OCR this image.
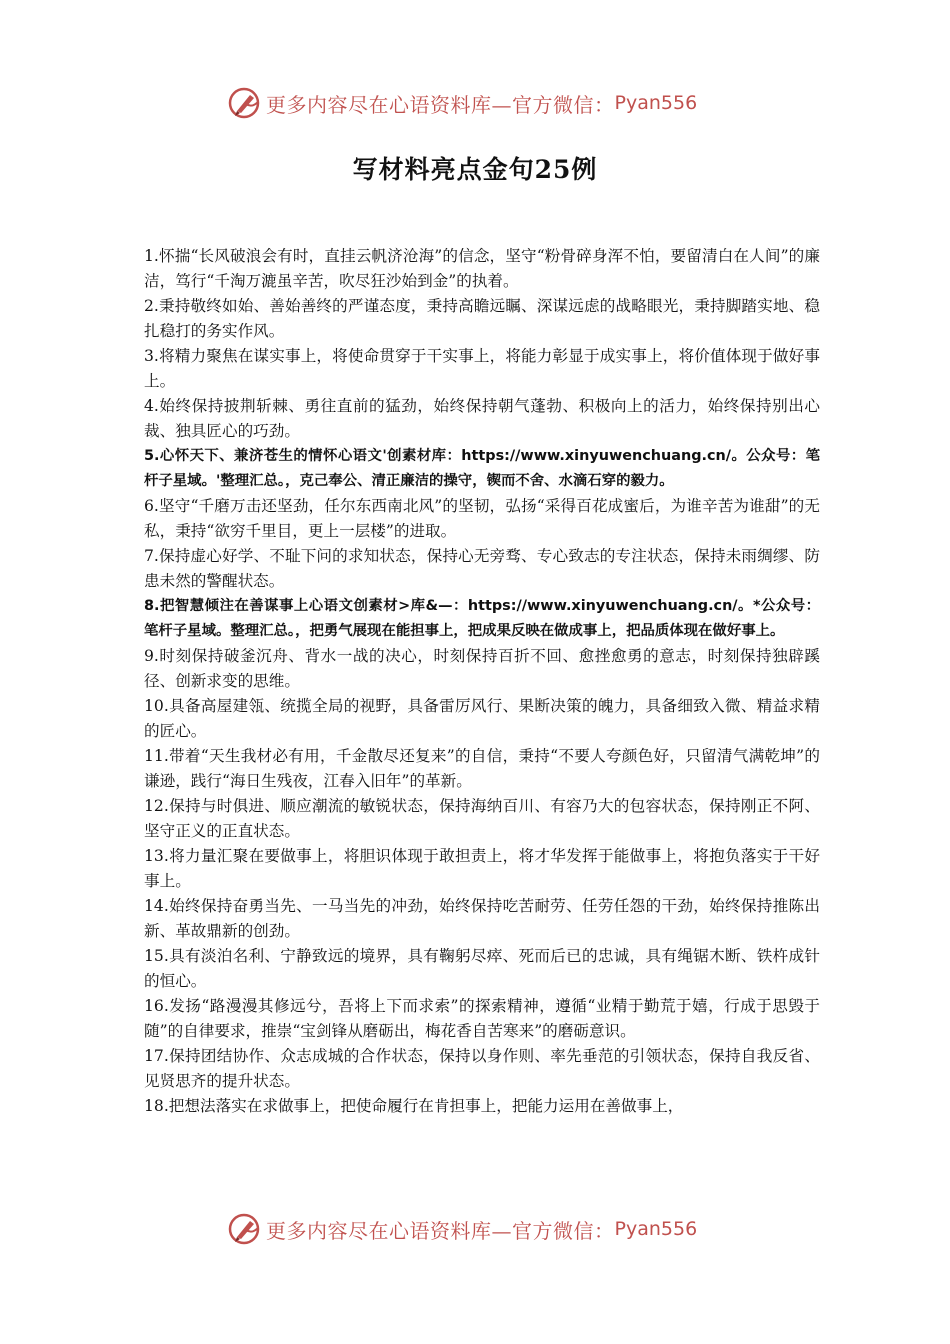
更多内容尽在心语资料库—官方微信： Pyan556
写材料亮点金句25例

1.怀揣“长风破浪会有时，直挂云帆济沧海”的信念，坚守“粉骨碎身浑不怕，要留清白在人间”的廉洁，笃行“千淘万漉虽辛苦，吹尽狂沙始到金”的执着。

2.秉持敬终如始、善始善终的严谨态度，秉持高瞻远瞩、深谋远虑的战略眼光，秉持脚踏实地、稳扎稳打的务实作风。

3.将精力聚焦在谋实事上，将使命贯穿于干实事上，将能力彰显于成实事上，将价值体现于做好事上。

4.始终保持披荆斩棘、勇往直前的猛劲，始终保持朝气蓬勃、积极向上的活力，始终保持别出心裁、独具匠心的巧劲。

5.心怀天下、兼济苍生的情怀心语文'创素材库：https://www.xinyuwenchuang.cn/。公众号：笔杆子星域。'整理汇总。，克己奉公、清正廉洁的操守，锲而不舍、水滴石穿的毅力。

6.坚守“千磨万击还坚劲，任尔东西南北风”的坚韧，弘扬“采得百花成蜜后，为谁辛苦为谁甜”的无私，秉持“欲穷千里目，更上一层楼”的进取。

7.保持虚心好学、不耻下问的求知状态，保持心无旁骛、专心致志的专注状态，保持未雨绸缪、防患未然的警醒状态。

8.把智慧倾注在善谋事上心语文创素材>库&—：https://www.xinyuwenchuang.cn/。*公众号：笔杆子星域。整理汇总。，把勇气展现在能担事上，把成果反映在做成事上，把品质体现在做好事上。

9.时刻保持破釜沉舟、背水一战的决心，时刻保持百折不回、愈挫愈勇的意志，时刻保持独辟蹊径、创新求变的思维。

10.具备高屋建瓴、统揽全局的视野，具备雷厉风行、果断决策的魄力，具备细致入微、精益求精的匠心。

11.带着“天生我材必有用，千金散尽还复来”的自信，秉持“不要人夸颜色好，只留清气满乾坤”的谦逊，践行“海日生残夜，江春入旧年”的革新。

12.保持与时俱进、顺应潮流的敏锐状态，保持海纳百川、有容乃大的包容状态，保持刚正不阿、坚守正义的正直状态。

13.将力量汇聚在要做事上，将胆识体现于敢担责上，将才华发挥于能做事上，将抱负落实于干好事上。

14.始终保持奋勇当先、一马当先的冲劲，始终保持吃苦耐劳、任劳任怨的干劲，始终保持推陈出新、革故鼎新的创劲。

15.具有淡泊名利、宁静致远的境界，具有鞠躬尽瘁、死而后已的忠诚，具有绳锯木断、铁杵成针的恒心。

16.发扬“路漫漫其修远兮，吾将上下而求索”的探索精神，遵循“业精于勤荒于嬉，行成于思毁于随”的自律要求，推崇“宝剑锋从磨砺出，梅花香自苦寒来”的磨砺意识。

17.保持团结协作、众志成城的合作状态，保持以身作则、率先垂范的引领状态，保持自我反省、见贤思齐的提升状态。

18.把想法落实在求做事上，把使命履行在肯担事上，把能力运用在善做事上，

更多内容尽在心语资料库—官方微信： Pyan556
